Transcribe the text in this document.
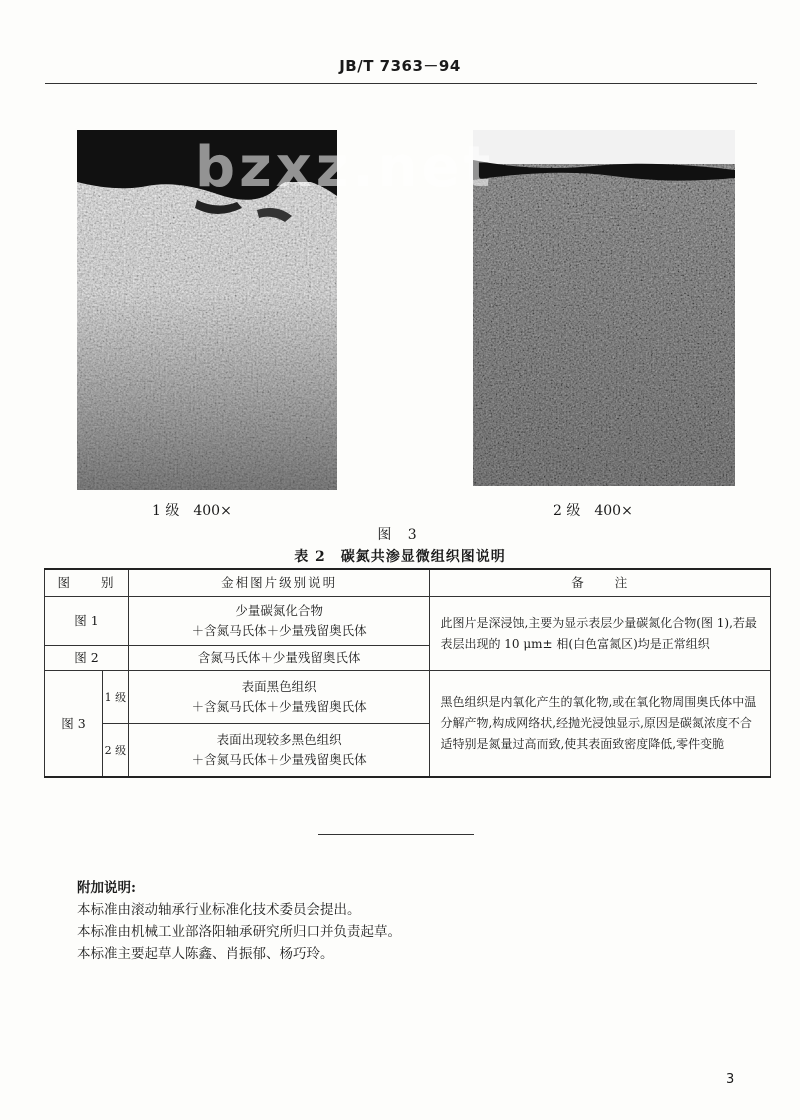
JB/T 7363－94
bzxz.net
1 级　400×	2 级　400×
图 3
表 2　碳氮共渗显微组织图说明
图　　别		金相图片级别说明	备　　注
图 1		少量碳氮化合物
＋含氮马氏体＋少量残留奥氏体	此图片是深浸蚀,主要为显示表层少量碳氮化合物(图 1),若最表层出现的 10 μm± 相(白色富氮区)均是正常组织
图 2		含氮马氏体＋少量残留奥氏体	
图 3	1 级	表面黑色组织
＋含氮马氏体＋少量残留奥氏体	黑色组织是内氧化产生的氧化物,或在氧化物周围奥氏体中温分解产物,构成网络状,经抛光浸蚀显示,原因是碳氮浓度不合适特别是氮量过高而致,使其表面致密度降低,零件变脆
	2 级	表面出现较多黑色组织
＋含氮马氏体＋少量残留奥氏体	
附加说明:
本标准由滚动轴承行业标准化技术委员会提出。
本标准由机械工业部洛阳轴承研究所归口并负责起草。
本标准主要起草人陈鑫、肖振郁、杨巧玲。
3
